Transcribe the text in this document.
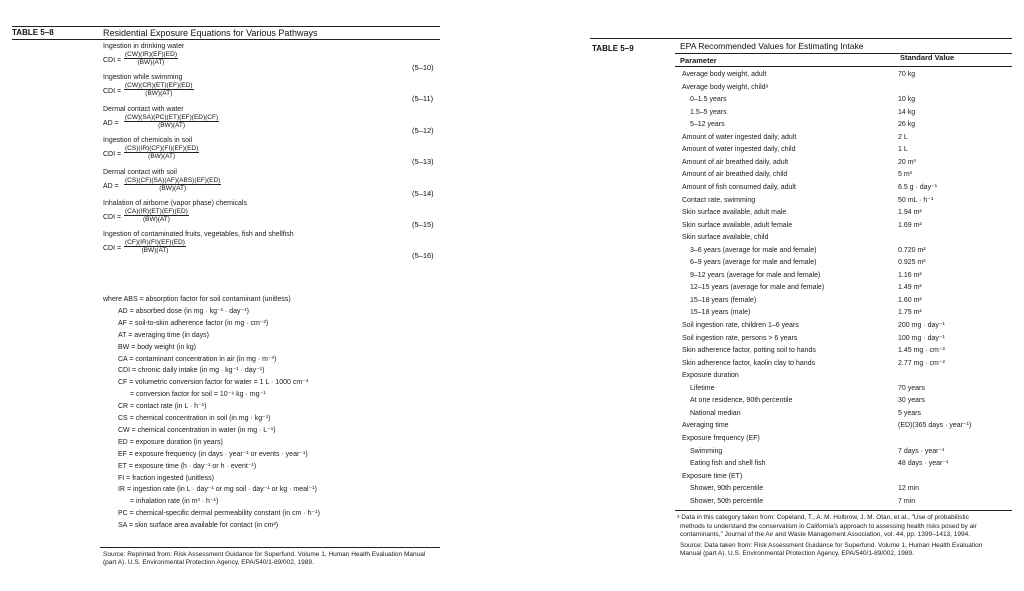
TABLE 5–8	Residential Exposure Equations for Various Pathways
Ingestion in drinking water
CDI = $\frac{(CW)(IR)(EF)(ED)}{(BW)(AT)}$
(5–10)
Ingestion while swimming
CDI = $\frac{(CW)(CR)(ET)(EF)(ED)}{(BW)(AT)}$
(5–11)
Dermal contact with water
AD = $\frac{(CW)(SA)(PC)(ET)(EF)(ED)(CF)}{(BW)(AT)}$
(5–12)
Ingestion of chemicals in soil
CDI = $\frac{(CS)(IR)(CF)(FI)(EF)(ED)}{(BW)(AT)}$
(5–13)
Dermal contact with soil
AD =
(CS)(CF)(SA)(AF)(ABS)(EF)(ED)
(BW)(AT)
(5–14)
Inhalation of airborne (vapor phase) chemicals
CDI = $\frac{(CA)(IR)(ET)(EF)(ED)}{(BW)(AT)}$
(5–15)
Ingestion of contaminated fruits, vegetables, fish and shellfish
CDI = $\frac{(CF)(IR)(FI)(EF)(ED)}{(BW)(AT)}$
(5–16)
where ABS = absorption factor for soil contaminant (unitless)
AD = absorbed dose (in mg · kg⁻¹ · day⁻¹)
AF = soil-to-skin adherence factor (in mg · cm⁻²)
AT = averaging time (in days)
BW = body weight (in kg)
CA = contaminant concentration in air (in mg · m⁻³)
CDI = chronic daily intake (in mg · kg⁻¹ · day⁻¹)
CF = volumetric conversion factor for water = 1 L · 1000 cm⁻³
= conversion factor for soil = 10⁻⁶ kg · mg⁻¹
CR = contact rate (in L · h⁻¹)
CS = chemical concentration in soil (in mg · kg⁻¹)
CW = chemical concentration in water (in mg · L⁻¹)
ED = exposure duration (in years)
EF = exposure frequency (in days · year⁻¹ or events · year⁻¹)
ET = exposure time (h · day⁻¹ or h · event⁻¹)
FI = fraction ingested (unitless)
IR = ingestion rate (in L · day⁻¹ or mg soil · day⁻¹ or kg · meal⁻¹)
= inhalation rate (in m³ · h⁻¹)
PC = chemical-specific dermal permeability constant (in cm · h⁻¹)
SA = skin surface area available for contact (in cm²)
Source: Reprinted from: Risk Assessment Guidance for Superfund. Volume 1, Human Health Evaluation Manual
(part A). U.S. Environmental Protection Agency, EPA/540/1-89/002, 1989.
TABLE 5–9	EPA Recommended Values for Estimating Intake
Parameter	Standard Value
Average body weight, adult	70 kg
Average body weight, childᵃ
0–1.5 years	10 kg
1.5–5 years	14 kg
5–12 years	26 kg
Amount of water ingested daily, adult	2 L
Amount of water ingested daily, child	1 L
Amount of air breathed daily, adult	20 m³
Amount of air breathed daily, child	5 m³
Amount of fish consumed daily, adult	6.5 g · day⁻¹
Contact rate, swimming	50 mL · h⁻¹
Skin surface available, adult male	1.94 m²
Skin surface available, adult female	1.69 m²
Skin surface available, child
3–6 years (average for male and female)	0.720 m²
6–9 years (average for male and female)	0.925 m²
9–12 years (average for male and female)	1.16 m²
12–15 years (average for male and female)	1.49 m²
15–18 years (female)	1.60 m²
15–18 years (male)	1.75 m²
Soil ingestion rate, children 1–6 years	200 mg · day⁻¹
Soil ingestion rate, persons > 6 years	100 mg · day⁻¹
Skin adherence factor, potting soil to hands	1.45 mg · cm⁻²
Skin adherence factor, kaolin clay to hands	2.77 mg · cm⁻²
Exposure duration
Lifetime	70 years
At one residence, 90th percentile	30 years
National median	5 years
Averaging time	(ED)(365 days · year⁻¹)
Exposure frequency (EF)
Swimming	7 days · year⁻¹
Eating fish and shell fish	48 days · year⁻¹
Exposure time (ET)
Shower, 90th percentile	12 min
Shower, 50th percentile	7 min
ᵃ Data in this category taken from: Copeland, T., A. M. Holbrow, J. M. Otan, et al., "Use of probabilistic
methods to understand the conservatism in California's approach to assessing health risks posed by air
contaminants," Journal of the Air and Waste Management Association, vol. 44, pp. 1399–1413, 1994.
Source: Data taken from: Risk Assessment Guidance for Superfund. Volume 1, Human Health Evaluation
Manual (part A). U.S. Environmental Protection Agency, EPA/540/1-89/002, 1989.
